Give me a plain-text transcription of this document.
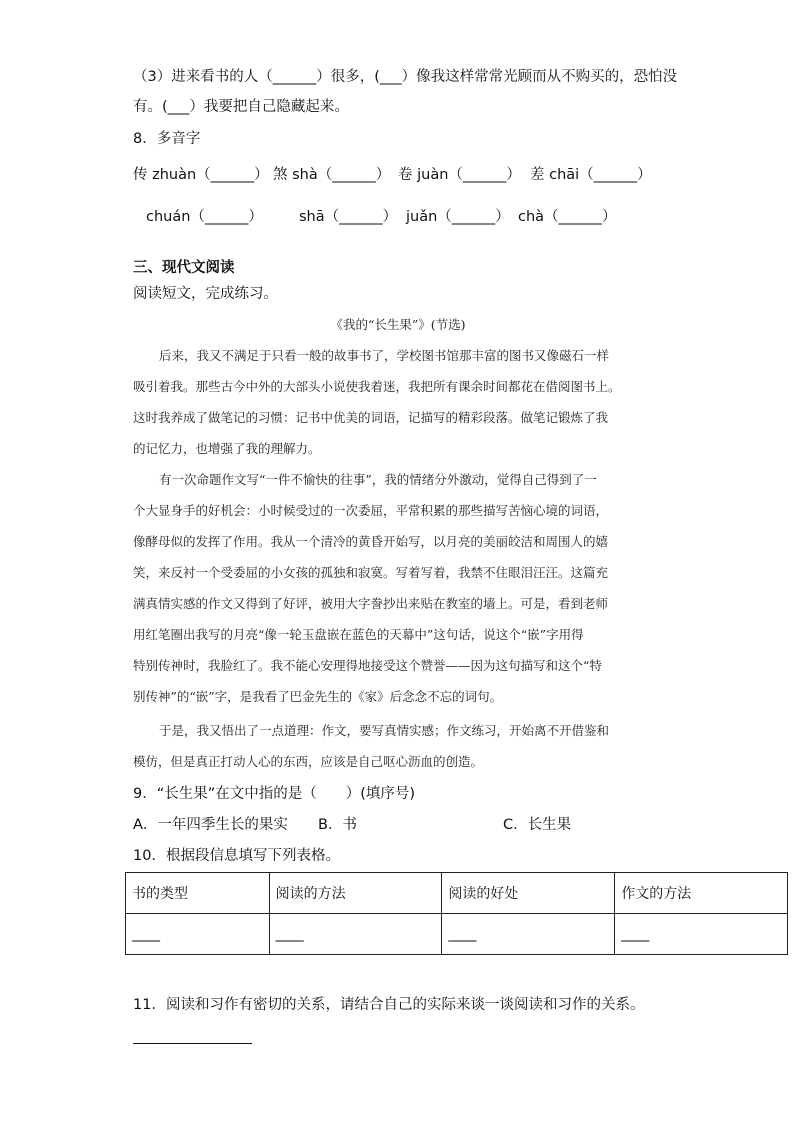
（3）进来看书的人（______）很多，(___）像我这样常常光顾而从不购买的，恐怕没
有。(___）我要把自己隐藏起来。
8．多音字
传 zhuàn（______） 煞 shà（______） 卷 juàn（______） 差 chāi（______）
chuán（______） shā（______） juǎn（______） chà（______）
三、现代文阅读
阅读短文，完成练习。
《我的“长生果”》(节选)
后来，我又不满足于只看一般的故事书了，学校图书馆那丰富的图书又像磁石一样
吸引着我。那些古今中外的大部头小说使我着迷，我把所有课余时间都花在借阅图书上。
这时我养成了做笔记的习惯：记书中优美的词语，记描写的精彩段落。做笔记锻炼了我
的记忆力，也增强了我的理解力。
有一次命题作文写“一件不愉快的往事”，我的情绪分外激动，觉得自己得到了一
个大显身手的好机会：小时候受过的一次委屈，平常积累的那些描写苦恼心境的词语，
像酵母似的发挥了作用。我从一个清冷的黄昏开始写，以月亮的美丽皎洁和周围人的嬉
笑，来反衬一个受委屈的小女孩的孤独和寂寞。写着写着，我禁不住眼泪汪汪。这篇充
满真情实感的作文又得到了好评，被用大字誊抄出来贴在教室的墙上。可是，看到老师
用红笔圈出我写的月亮“像一轮玉盘嵌在蓝色的天幕中”这句话，说这个“嵌”字用得
特别传神时，我脸红了。我不能心安理得地接受这个赞誉——因为这句描写和这个“特
别传神”的“嵌”字，是我看了巴金先生的《家》后念念不忘的词句。
于是，我又悟出了一点道理：作文，要写真情实感；作文练习，开始离不开借鉴和
模仿，但是真正打动人心的东西，应该是自己呕心沥血的创造。
9．“长生果”在文中指的是（　　）(填序号)
A．一年四季生长的果实 B．书	C．长生果
10．根据段信息填写下列表格。
书的类型	阅读的方法	阅读的好处	作文的方法
____	____	____	____
11．阅读和习作有密切的关系，请结合自己的实际来谈一谈阅读和习作的关系。
